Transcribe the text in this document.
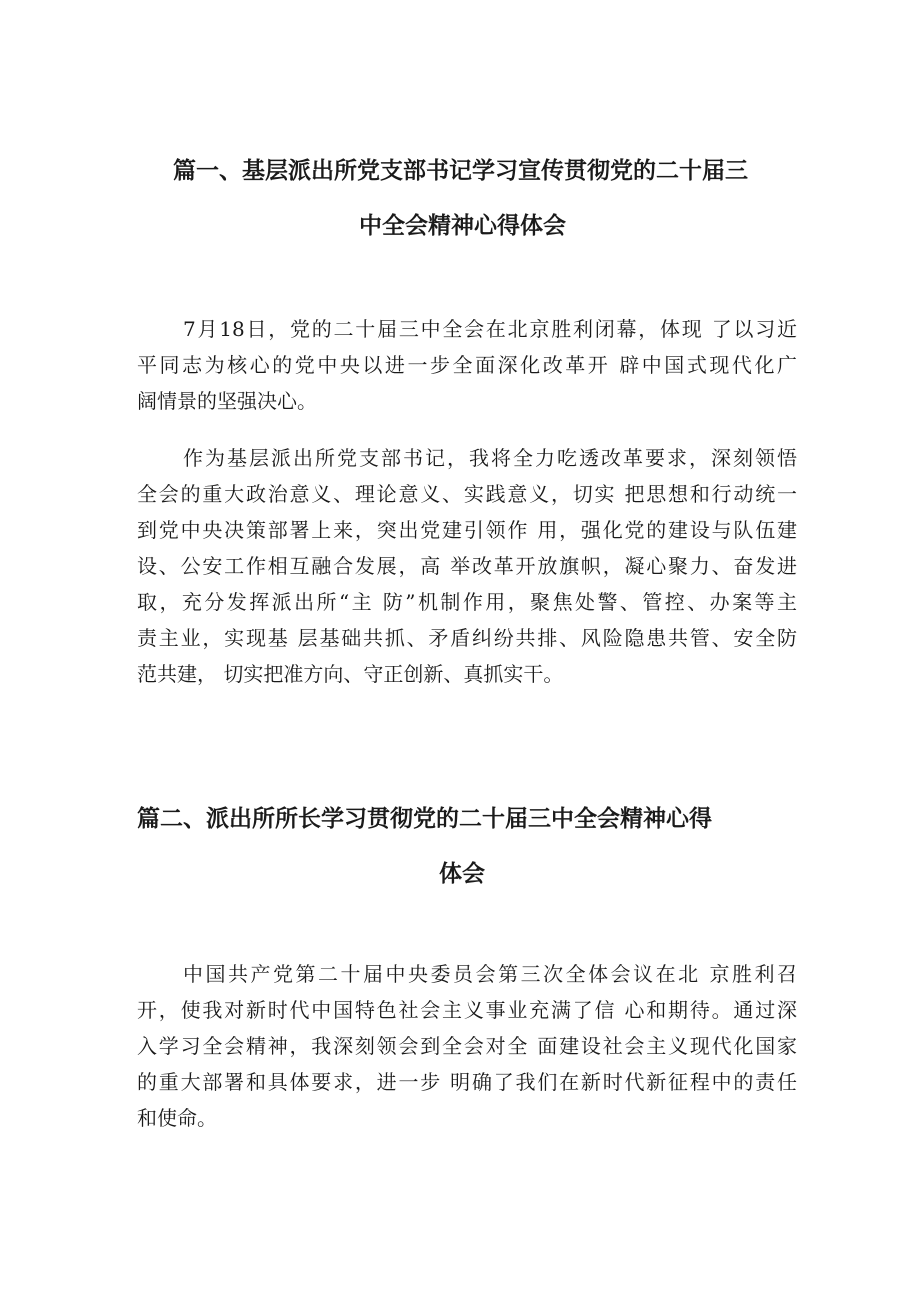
篇一、基层派出所党支部书记学习宣传贯彻党的二十届三
中全会精神心得体会
7月18日，党的二十届三中全会在北京胜利闭幕，体现 了以习近
平同志为核心的党中央以进一步全面深化改革开 辟中国式现代化广
阔情景的坚强决心。
作为基层派出所党支部书记，我将全力吃透改革要求，深刻领悟
全会的重大政治意义、理论意义、实践意义，切实 把思想和行动统一
到党中央决策部署上来，突出党建引领作 用，强化党的建设与队伍建
设、公安工作相互融合发展，高 举改革开放旗帜，凝心聚力、奋发进
取，充分发挥派出所“主 防”机制作用，聚焦处警、管控、办案等主
责主业，实现基 层基础共抓、矛盾纠纷共排、风险隐患共管、安全防
范共建， 切实把准方向、守正创新、真抓实干。
篇二、派出所所长学习贯彻党的二十届三中全会精神心得
体会
中国共产党第二十届中央委员会第三次全体会议在北 京胜利召
开，使我对新时代中国特色社会主义事业充满了信 心和期待。通过深
入学习全会精神，我深刻领会到全会对全 面建设社会主义现代化国家
的重大部署和具体要求，进一步 明确了我们在新时代新征程中的责任
和使命。
